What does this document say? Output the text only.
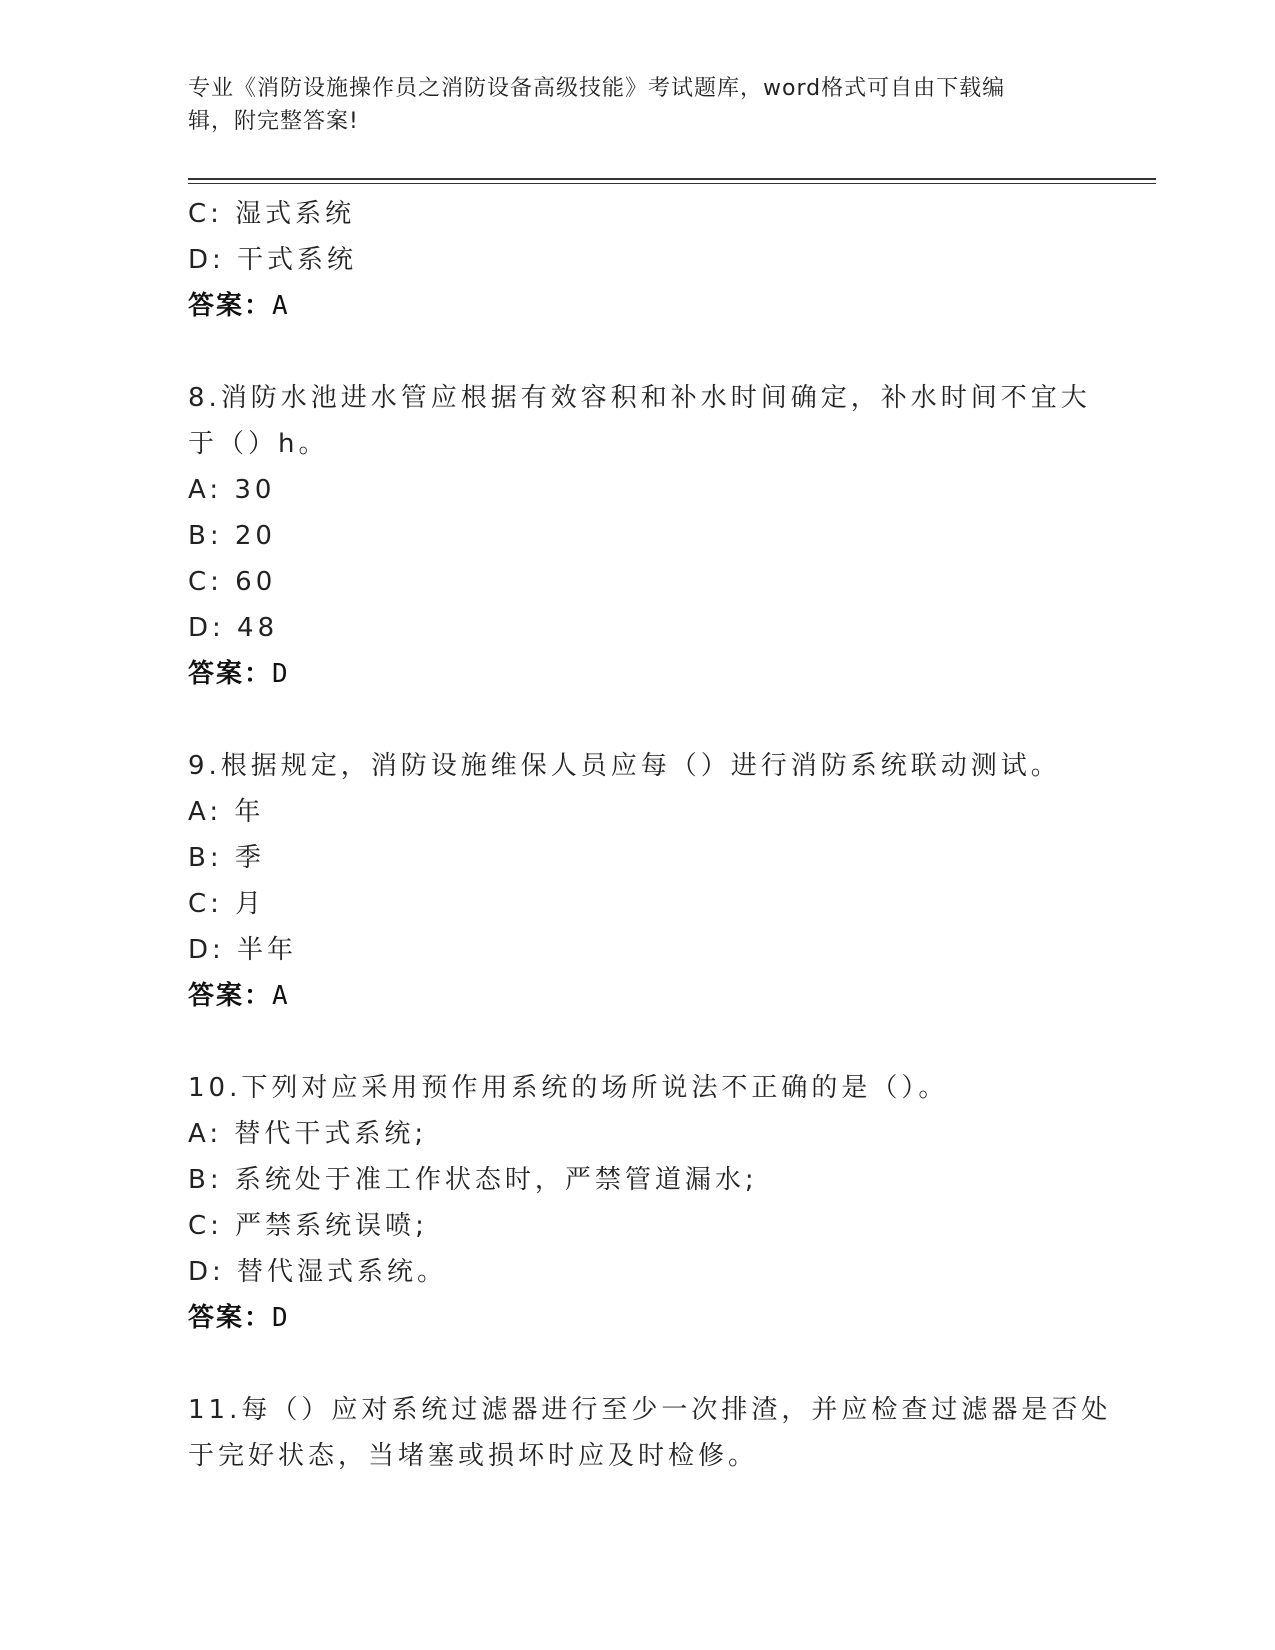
专业《消防设施操作员之消防设备高级技能》考试题库，word格式可自由下载编
辑，附完整答案!
C: 湿式系统
D: 干式系统
答案：A
8.消防水池进水管应根据有效容积和补水时间确定，补水时间不宜大
于（）h。
A: 30
B: 20
C: 60
D: 48
答案：D
9.根据规定，消防设施维保人员应每（）进行消防系统联动测试。
A: 年
B: 季
C: 月
D: 半年
答案：A
10.下列对应采用预作用系统的场所说法不正确的是（）。
A: 替代干式系统;
B: 系统处于准工作状态时，严禁管道漏水;
C: 严禁系统误喷;
D: 替代湿式系统。
答案：D
11.每（）应对系统过滤器进行至少一次排渣，并应检查过滤器是否处
于完好状态，当堵塞或损坏时应及时检修。
